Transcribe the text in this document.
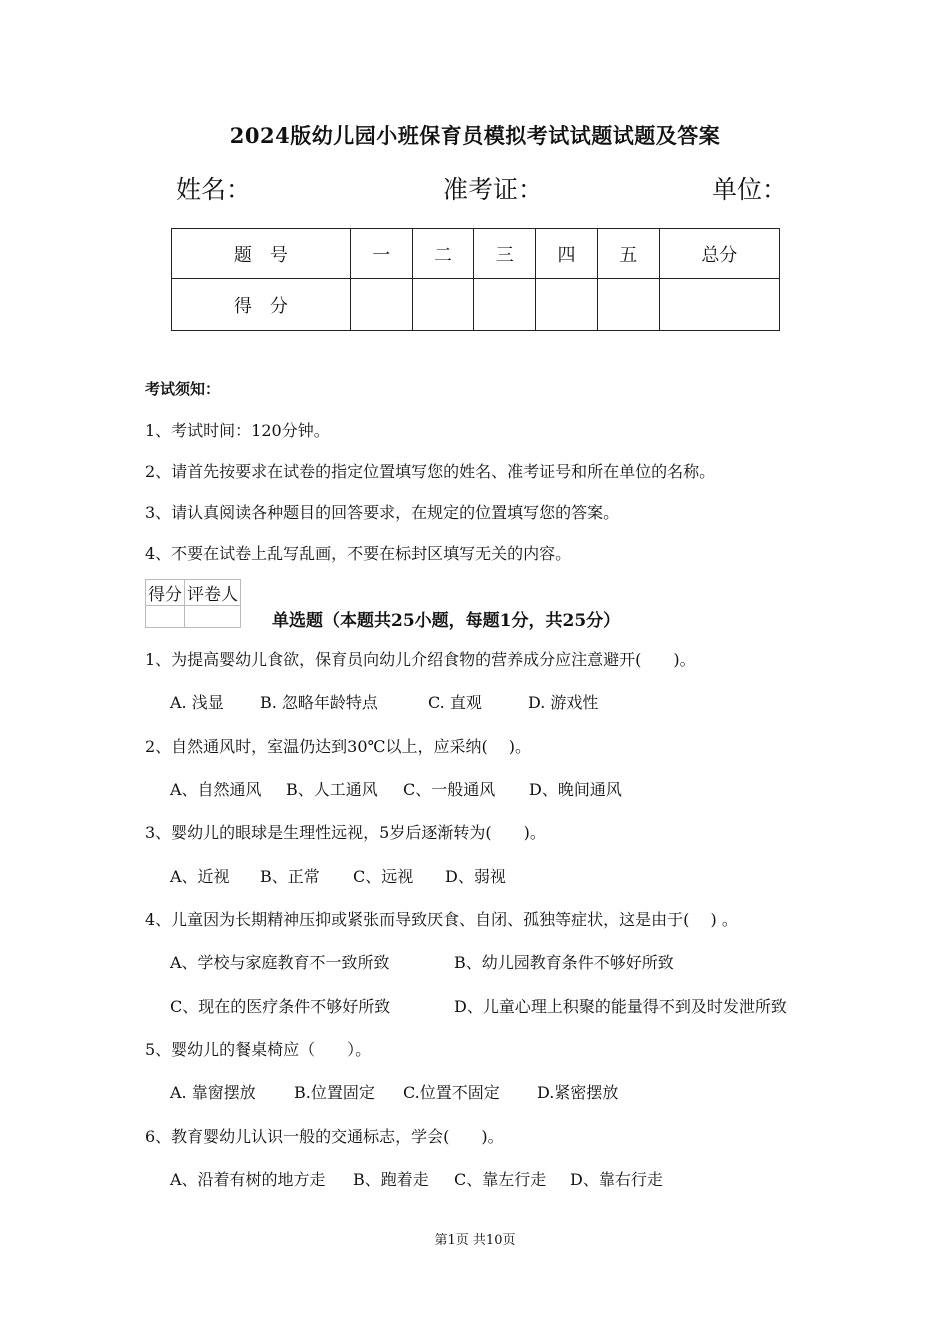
2024版幼儿园小班保育员模拟考试试题试题及答案
姓名：	准考证：	单位：
题　号	一	二	三	四	五	总分
得　分						
考试须知：
1、考试时间：120分钟。
2、请首先按要求在试卷的指定位置填写您的姓名、准考证号和所在单位的名称。
3、请认真阅读各种题目的回答要求，在规定的位置填写您的答案。
4、不要在试卷上乱写乱画，不要在标封区填写无关的内容。
得分	评卷人

单选题（本题共25小题，每题1分，共25分）
1、为提高婴幼儿食欲，保育员向幼儿介绍食物的营养成分应注意避开(　　)。
A. 浅显 B. 忽略年龄特点	C. 直观	D. 游戏性
2、自然通风时，室温仍达到30℃以上，应采纳(　 )。
A、自然通风 B、人工通风 C、一般通风 D、晚间通风
3、婴幼儿的眼球是生理性远视，5岁后逐渐转为(　　)。
A、近视 B、正常 C、远视 D、弱视
4、儿童因为长期精神压抑或紧张而导致厌食、自闭、孤独等症状，这是由于(　 ) 。
A、学校与家庭教育不一致所致	B、幼儿园教育条件不够好所致
C、现在的医疗条件不够好所致	D、儿童心理上积聚的能量得不到及时发泄所致
5、婴幼儿的餐桌椅应（　　）。
A. 靠窗摆放 B.位置固定 C.位置不固定 D.紧密摆放
6、教育婴幼儿认识一般的交通标志，学会(　　)。
A、沿着有树的地方走 B、跑着走 C、靠左行走 D、靠右行走
第1页 共10页
